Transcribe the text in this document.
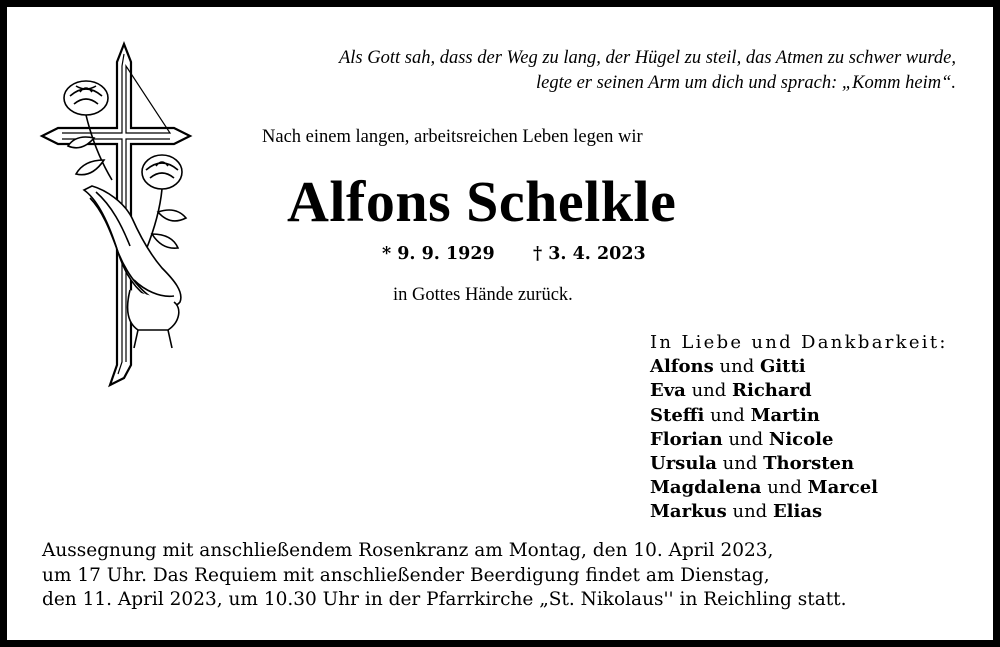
Als Gott sah, dass der Weg zu lang, der Hügel zu steil, das Atmen zu schwer wurde,
legte er seinen Arm um dich und sprach: „Komm heim“.
Nach einem langen, arbeitsreichen Leben legen wir
Alfons Schelkle
* 9. 9. 1929 † 3. 4. 2023
in Gottes Hände zurück.
In Liebe und Dankbarkeit:
Alfons und Gitti
Eva und Richard
Steffi und Martin
Florian und Nicole
Ursula und Thorsten
Magdalena und Marcel
Markus und Elias
Aussegnung mit anschließendem Rosenkranz am Montag, den 10. April 2023,
um 17 Uhr. Das Requiem mit anschließender Beerdigung findet am Dienstag,
den 11. April 2023, um 10.30 Uhr in der Pfarrkirche „St. Nikolaus'' in Reichling statt.
